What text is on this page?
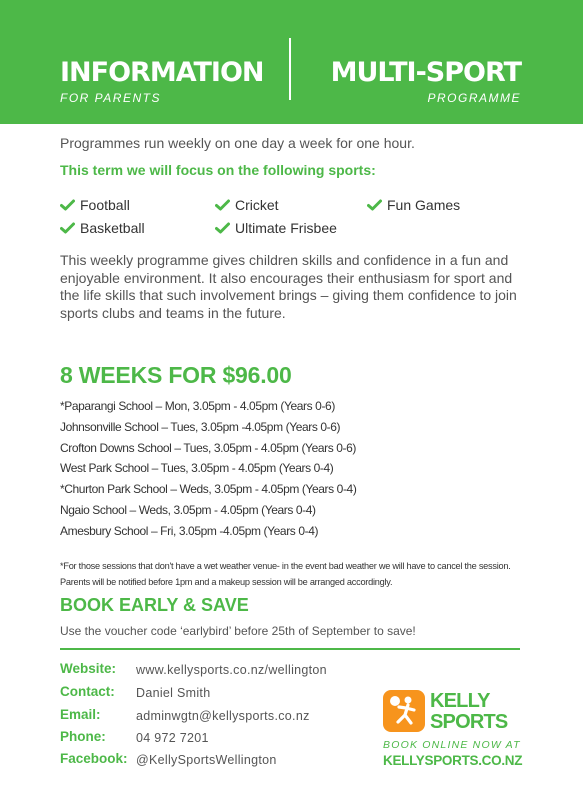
INFORMATION
FOR PARENTS
MULTI-SPORT
PROGRAMME
Programmes run weekly on one day a week for one hour.
This term we will focus on the following sports:
Football
Basketball
Cricket
Ultimate Frisbee
Fun Games
This weekly programme gives children skills and confidence in a fun and enjoyable environment. It also encourages their enthusiasm for sport and the life skills that such involvement brings – giving them confidence to join sports clubs and teams in the future.
8 WEEKS FOR $96.00
*Paparangi School – Mon, 3.05pm - 4.05pm (Years 0-6)
Johnsonville School – Tues, 3.05pm -4.05pm (Years 0-6)
Crofton Downs School – Tues, 3.05pm - 4.05pm (Years 0-6)
West Park School – Tues, 3.05pm - 4.05pm (Years 0-4)
*Churton Park School – Weds, 3.05pm - 4.05pm (Years 0-4)
Ngaio School – Weds, 3.05pm - 4.05pm (Years 0-4)
Amesbury School – Fri, 3.05pm -4.05pm (Years 0-4)
*For those sessions that don't have a wet weather venue- in the event bad weather we will have to cancel the session. Parents will be notified before 1pm and a makeup session will be arranged accordingly.
BOOK EARLY & SAVE
Use the voucher code ‘earlybird’ before 25th of September to save!
Website: www.kellysports.co.nz/wellington
Contact: Daniel Smith
Email:	adminwgtn@kellysports.co.nz
Phone: 04 972 7201
Facebook: @KellySportsWellington
KELLY
SPORTS
BOOK ONLINE NOW AT
KELLYSPORTS.CO.NZ
